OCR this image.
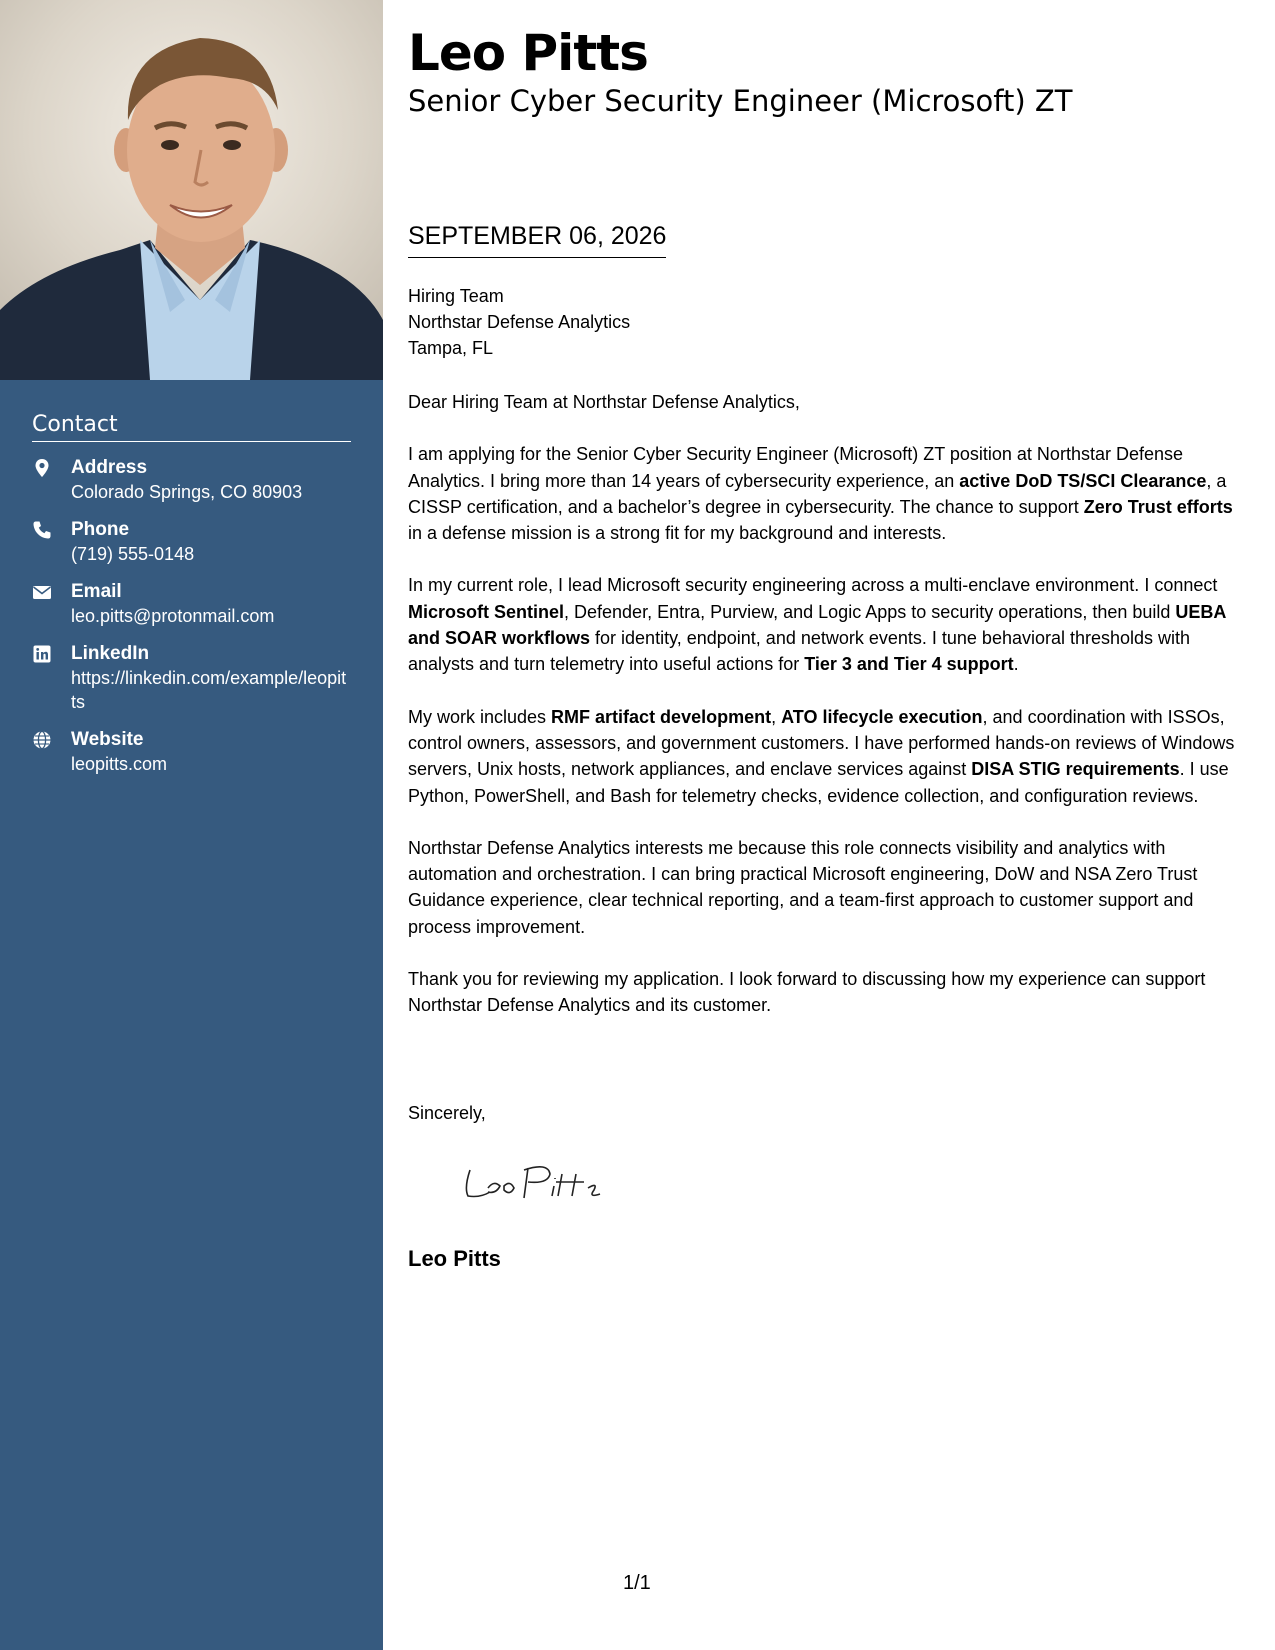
Contact
Address
Colorado Springs, CO 80903
Phone
(719) 555-0148
Email
leo.pitts@protonmail.com
LinkedIn
https://linkedin.com/example/leopitts
Website
leopitts.com
Leo Pitts
Senior Cyber Security Engineer (Microsoft) ZT
SEPTEMBER 06, 2026
Hiring Team
Northstar Defense Analytics
Tampa, FL

Dear Hiring Team at Northstar Defense Analytics,

I am applying for the Senior Cyber Security Engineer (Microsoft) ZT position at Northstar Defense Analytics. I bring more than 14 years of cybersecurity experience, an active DoD TS/SCI Clearance, a CISSP certification, and a bachelor’s degree in cybersecurity. The chance to support Zero Trust efforts in a defense mission is a strong fit for my background and interests.

In my current role, I lead Microsoft security engineering across a multi-enclave environment. I connect Microsoft Sentinel, Defender, Entra, Purview, and Logic Apps to security operations, then build UEBA and SOAR workflows for identity, endpoint, and network events. I tune behavioral thresholds with analysts and turn telemetry into useful actions for Tier 3 and Tier 4 support.

My work includes RMF artifact development, ATO lifecycle execution, and coordination with ISSOs, control owners, assessors, and government customers. I have performed hands-on reviews of Windows servers, Unix hosts, network appliances, and enclave services against DISA STIG requirements. I use Python, PowerShell, and Bash for telemetry checks, evidence collection, and configuration reviews.

Northstar Defense Analytics interests me because this role connects visibility and analytics with automation and orchestration. I can bring practical Microsoft engineering, DoW and NSA Zero Trust Guidance experience, clear technical reporting, and a team-first approach to customer support and process improvement.

Thank you for reviewing my application. I look forward to discussing how my experience can support Northstar Defense Analytics and its customer.

Sincerely,
Leo Pitts
1/1
